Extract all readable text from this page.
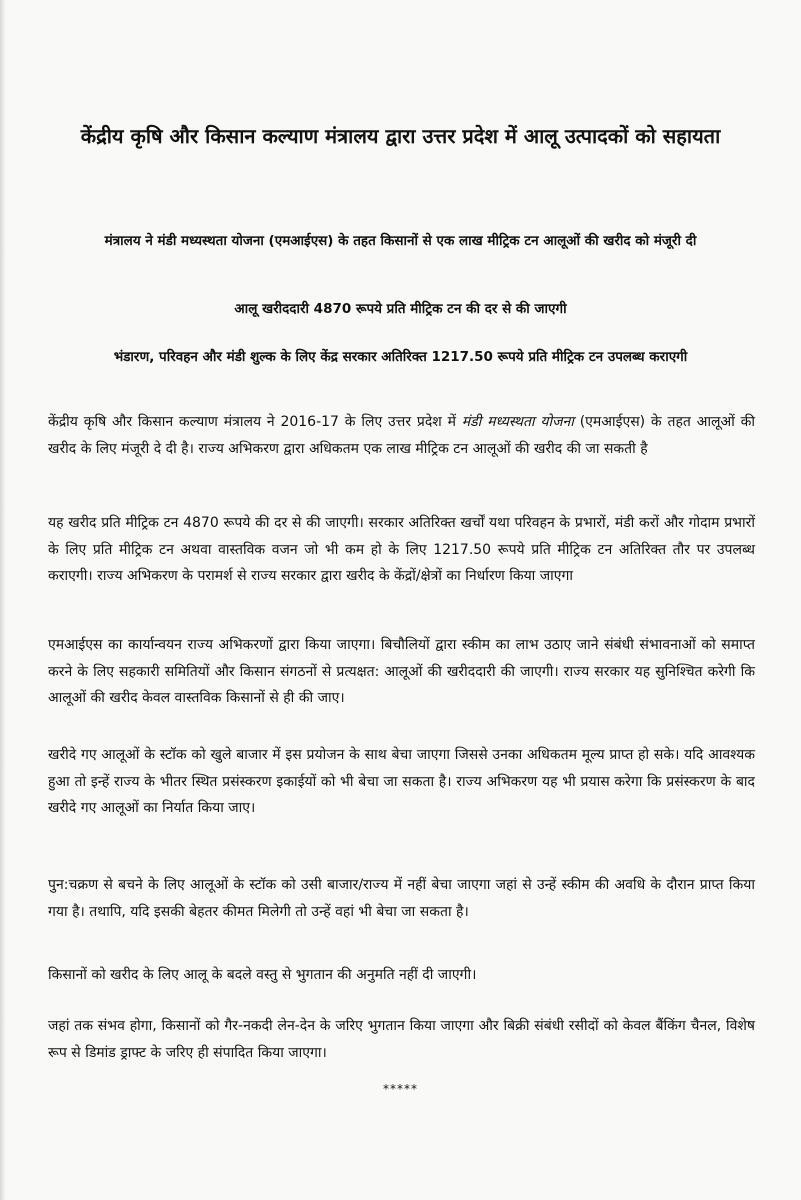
केंद्रीय कृषि और किसान कल्याण मंत्रालय द्वारा उत्तर प्रदेश में आलू उत्पादकों को सहायता

मंत्रालय ने मंडी मध्यस्थता योजना (एमआईएस) के तहत किसानों से एक लाख मीट्रिक टन आलूओं की खरीद को मंजूरी दी

आलू खरीददारी 4870 रूपये प्रति मीट्रिक टन की दर से की जाएगी

भंडारण, परिवहन और मंडी शुल्क के लिए केंद्र सरकार अतिरिक्त 1217.50 रूपये प्रति मीट्रिक टन उपलब्ध कराएगी

केंद्रीय कृषि और किसान कल्याण मंत्रालय ने 2016-17 के लिए उत्तर प्रदेश में मंडी मध्यस्थता योजना (एमआईएस) के तहत आलूओं की खरीद के लिए मंजूरी दे दी है। राज्य अभिकरण द्वारा अधिकतम एक लाख मीट्रिक टन आलूओं की खरीद की जा सकती है

यह खरीद प्रति मीट्रिक टन 4870 रूपये की दर से की जाएगी। सरकार अतिरिक्त खर्चों यथा परिवहन के प्रभारों, मंडी करों और गोदाम प्रभारों के लिए प्रति मीट्रिक टन अथवा वास्तविक वजन जो भी कम हो के लिए 1217.50 रूपये प्रति मीट्रिक टन अतिरिक्त तौर पर उपलब्ध कराएगी। राज्य अभिकरण के परामर्श से राज्य सरकार द्वारा खरीद के केंद्रों/क्षेत्रों का निर्धारण किया जाएगा

एमआईएस का कार्यान्वयन राज्य अभिकरणों द्वारा किया जाएगा। बिचौलियों द्वारा स्कीम का लाभ उठाए जाने संबंधी संभावनाओं को समाप्त करने के लिए सहकारी समितियों और किसान संगठनों से प्रत्यक्षत: आलूओं की खरीददारी की जाएगी। राज्य सरकार यह सुनिश्चित करेगी कि आलूओं की खरीद केवल वास्तविक किसानों से ही की जाए।

खरीदे गए आलूओं के स्टॉक को खुले बाजार में इस प्रयोजन के साथ बेचा जाएगा जिससे उनका अधिकतम मूल्य प्राप्त हो सके। यदि आवश्यक हुआ तो इन्हें राज्य के भीतर स्थित प्रसंस्करण इकाईयों को भी बेचा जा सकता है। राज्य अभिकरण यह भी प्रयास करेगा कि प्रसंस्करण के बाद खरीदे गए आलूओं का निर्यात किया जाए।

पुन:चक्रण से बचने के लिए आलूओं के स्टॉक को उसी बाजार/राज्य में नहीं बेचा जाएगा जहां से उन्हें स्कीम की अवधि के दौरान प्राप्त किया गया है। तथापि, यदि इसकी बेहतर कीमत मिलेगी तो उन्हें वहां भी बेचा जा सकता है।

किसानों को खरीद के लिए आलू के बदले वस्तु से भुगतान की अनुमति नहीं दी जाएगी।

जहां तक संभव होगा, किसानों को गैर-नकदी लेन-देन के जरिए भुगतान किया जाएगा और बिक्री संबंधी रसीदों को केवल बैंकिंग चैनल, विशेष रूप से डिमांड ड्राफ्ट के जरिए ही संपादित किया जाएगा।

*****
